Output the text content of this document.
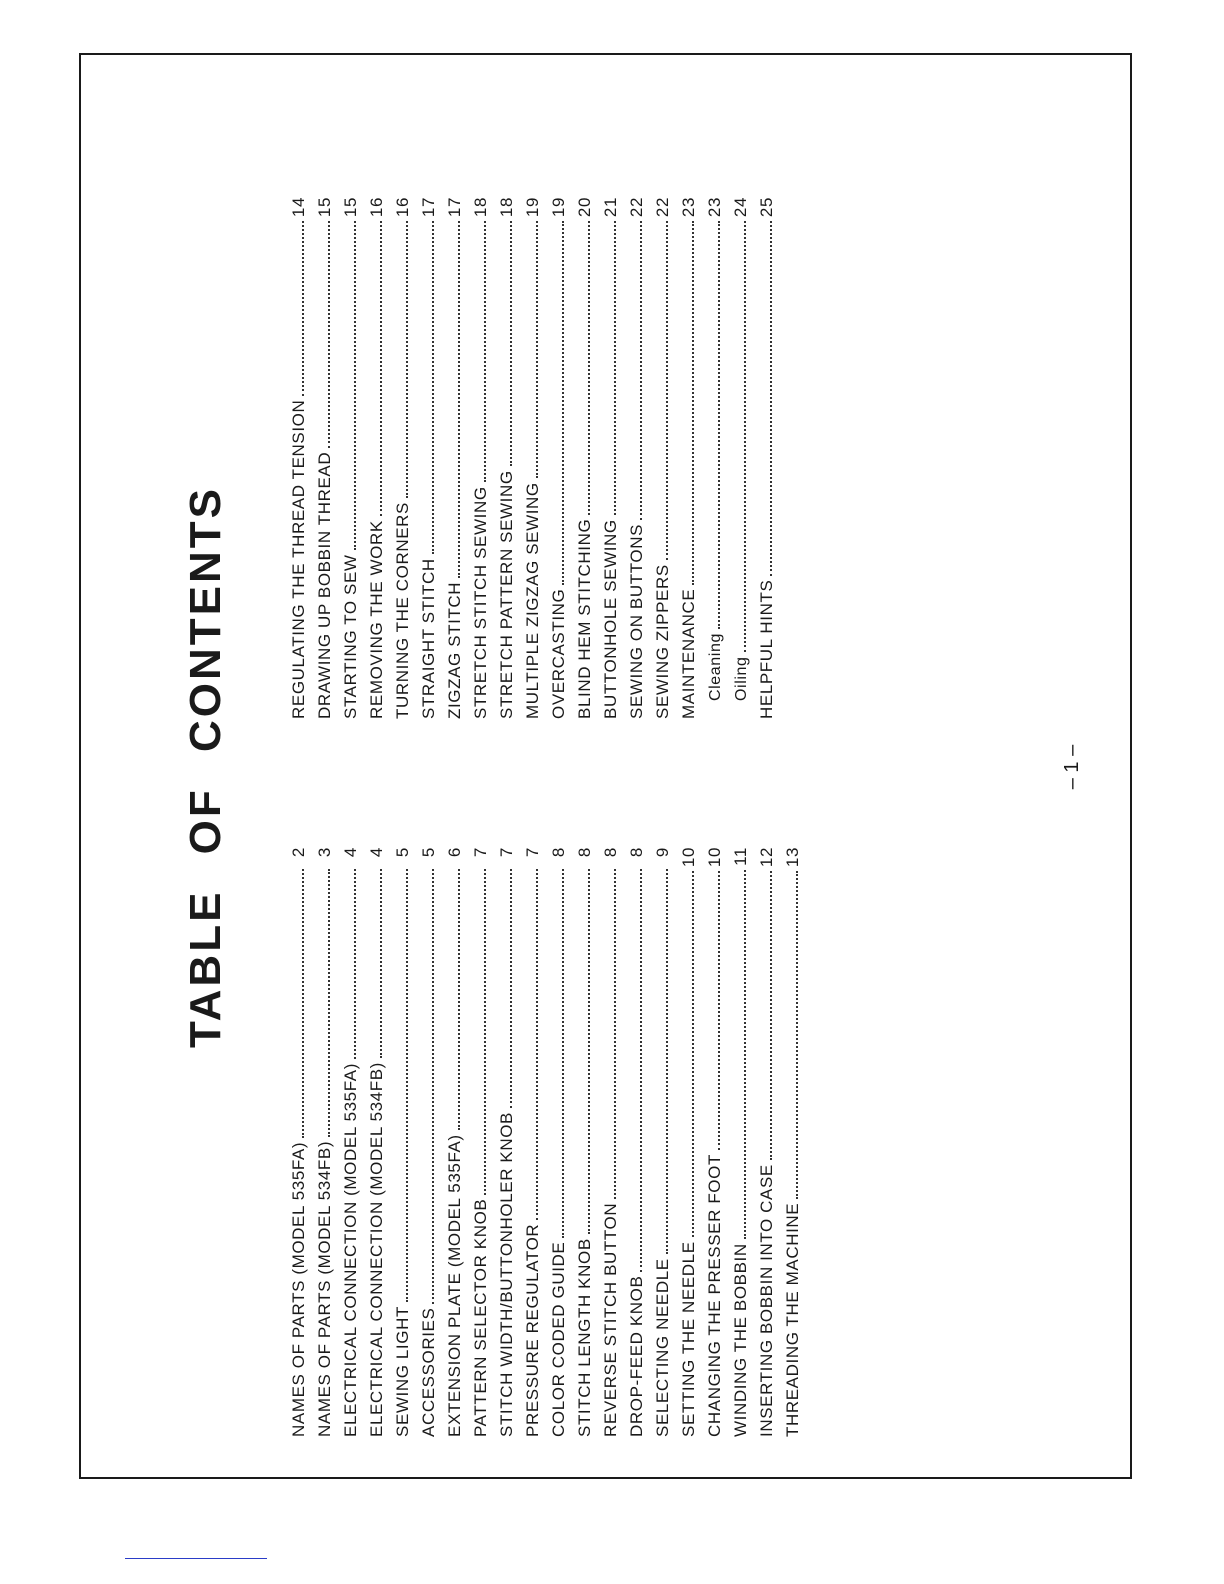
TABLE OF CONTENTS
NAMES OF PARTS (MODEL 535FA)
2
NAMES OF PARTS (MODEL 534FB)
3
ELECTRICAL CONNECTION (MODEL 535FA)
4
ELECTRICAL CONNECTION (MODEL 534FB)
4
SEWING LIGHT
5
ACCESSORIES
5
EXTENSION PLATE (MODEL 535FA)
6
PATTERN SELECTOR KNOB
7
STITCH WIDTH/BUTTONHOLER KNOB
7
PRESSURE REGULATOR
7
COLOR CODED GUIDE
8
STITCH LENGTH KNOB
8
REVERSE STITCH BUTTON
8
DROP-FEED KNOB
8
SELECTING NEEDLE
9
SETTING THE NEEDLE
10
CHANGING THE PRESSER FOOT
10
WINDING THE BOBBIN
11
INSERTING BOBBIN INTO CASE
12
THREADING THE MACHINE
13
REGULATING THE THREAD TENSION
14
DRAWING UP BOBBIN THREAD
15
STARTING TO SEW
15
REMOVING THE WORK
16
TURNING THE CORNERS
16
STRAIGHT STITCH
17
ZIGZAG STITCH
17
STRETCH STITCH SEWING
18
STRETCH PATTERN SEWING
18
MULTIPLE ZIGZAG SEWING
19
OVERCASTING
19
BLIND HEM STITCHING
20
BUTTONHOLE SEWING
21
SEWING ON BUTTONS
22
SEWING ZIPPERS
22
MAINTENANCE
23
Cleaning
23
Oiling
24
HELPFUL HINTS
25

– 1 –
